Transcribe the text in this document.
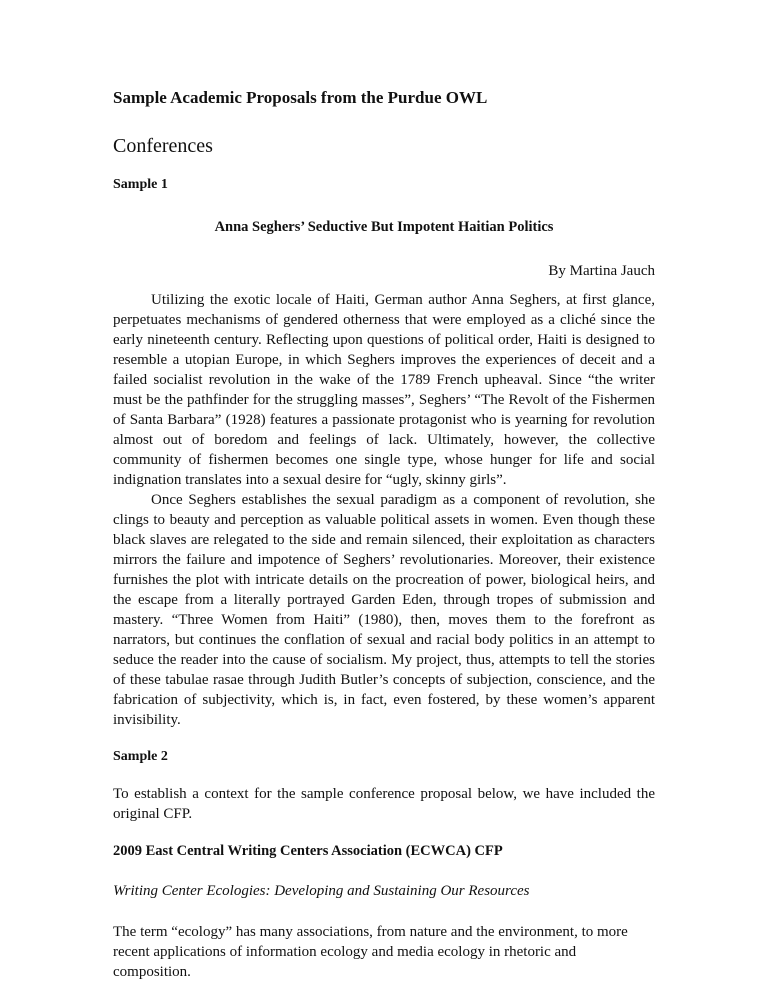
Sample Academic Proposals from the Purdue OWL
Conferences
Sample 1
Anna Seghers’ Seductive But Impotent Haitian Politics
By Martina Jauch

Utilizing the exotic locale of Haiti, German author Anna Seghers, at first glance, perpetuates mechanisms of gendered otherness that were employed as a cliché since the early nineteenth century. Reflecting upon questions of political order, Haiti is designed to resemble a utopian Europe, in which Seghers improves the experiences of deceit and a failed socialist revolution in the wake of the 1789 French upheaval. Since “the writer must be the pathfinder for the struggling masses”, Seghers’ “The Revolt of the Fishermen of Santa Barbara” (1928) features a passionate protagonist who is yearning for revolution almost out of boredom and feelings of lack. Ultimately, however, the collective community of fishermen becomes one single type, whose hunger for life and social indignation translates into a sexual desire for “ugly, skinny girls”.

Once Seghers establishes the sexual paradigm as a component of revolution, she clings to beauty and perception as valuable political assets in women. Even though these black slaves are relegated to the side and remain silenced, their exploitation as characters mirrors the failure and impotence of Seghers’ revolutionaries. Moreover, their existence furnishes the plot with intricate details on the procreation of power, biological heirs, and the escape from a literally portrayed Garden Eden, through tropes of submission and mastery. “Three Women from Haiti” (1980), then, moves them to the forefront as narrators, but continues the conflation of sexual and racial body politics in an attempt to seduce the reader into the cause of socialism. My project, thus, attempts to tell the stories of these tabulae rasae through Judith Butler’s concepts of subjection, conscience, and the fabrication of subjectivity, which is, in fact, even fostered, by these women’s apparent invisibility.

Sample 2
To establish a context for the sample conference proposal below, we have included the original CFP.
2009 East Central Writing Centers Association (ECWCA) CFP
Writing Center Ecologies: Developing and Sustaining Our Resources
The term “ecology” has many associations, from nature and the environment, to more recent applications of information ecology and media ecology in rhetoric and composition.
